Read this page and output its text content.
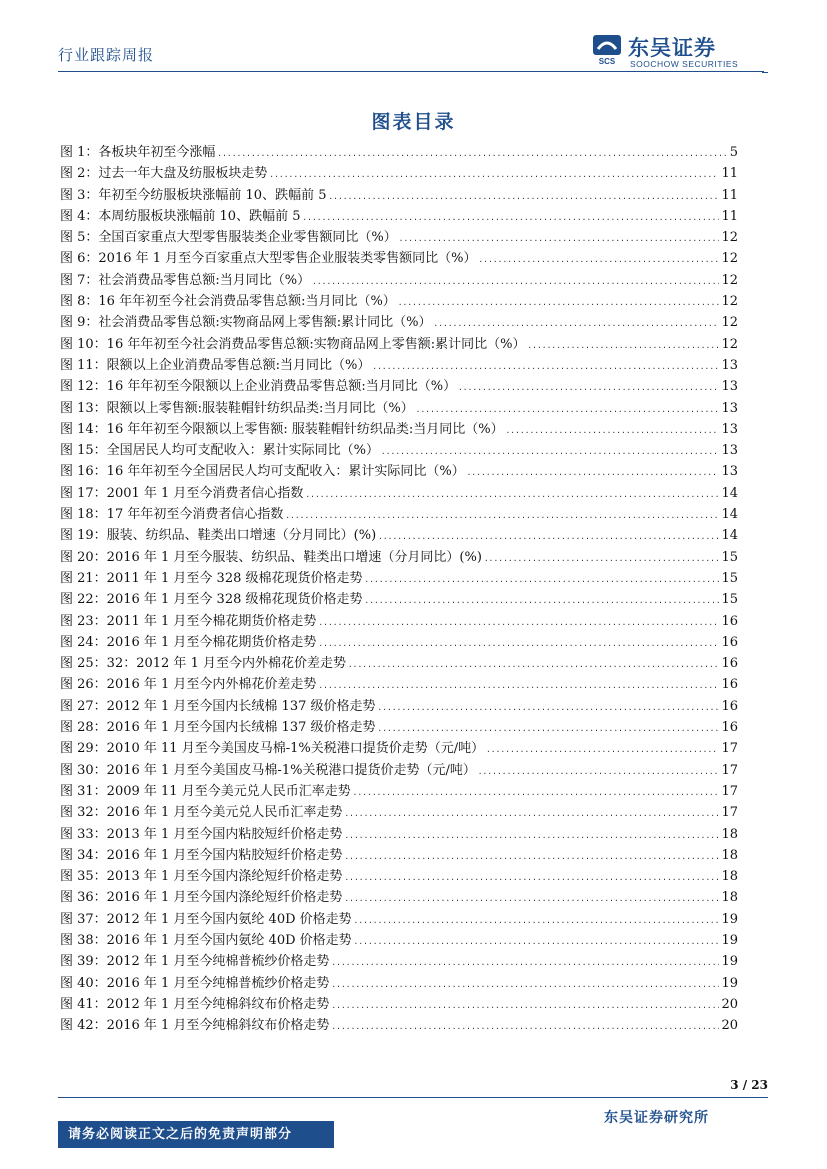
行业跟踪周报	SCS
东吴证券
SOOCHOW SECURITIES
图表目录
图 1：各板块年初至今涨幅 .....	5
图 2：过去一年大盘及纺服板块走势 .....	11
图 3：年初至今纺服板块涨幅前 10、跌幅前 5 .....	11
图 4：本周纺服板块涨幅前 10、跌幅前 5 .....	11
图 5：全国百家重点大型零售服装类企业零售额同比（%） .....	12
图 6：2016 年 1 月至今百家重点大型零售企业服装类零售额同比（%） .....	12
图 7：社会消费品零售总额:当月同比（%） .....	12
图 8：16 年年初至今社会消费品零售总额:当月同比（%） .....	12
图 9：社会消费品零售总额:实物商品网上零售额:累计同比（%） .....	12
图 10：16 年年初至今社会消费品零售总额:实物商品网上零售额:累计同比（%） .....	12
图 11：限额以上企业消费品零售总额:当月同比（%） .....	13
图 12：16 年年初至今限额以上企业消费品零售总额:当月同比（%） .....	13
图 13：限额以上零售额:服装鞋帽针纺织品类:当月同比（%） .....	13
图 14：16 年年初至今限额以上零售额: 服装鞋帽针纺织品类:当月同比（%） .....	13
图 15：全国居民人均可支配收入：累计实际同比（%） .....	13
图 16：16 年年初至今全国居民人均可支配收入：累计实际同比（%） .....	13
图 17：2001 年 1 月至今消费者信心指数 .....	14
图 18：17 年年初至今消费者信心指数 .....	14
图 19：服装、纺织品、鞋类出口增速（分月同比）(%) .....	14
图 20：2016 年 1 月至今服装、纺织品、鞋类出口增速（分月同比）(%) .....	15
图 21：2011 年 1 月至今 328 级棉花现货价格走势 .....	15
图 22：2016 年 1 月至今 328 级棉花现货价格走势 .....	15
图 23：2011 年 1 月至今棉花期货价格走势 .....	16
图 24：2016 年 1 月至今棉花期货价格走势 .....	16
图 25：32：2012 年 1 月至今内外棉花价差走势 .....	16
图 26：2016 年 1 月至今内外棉花价差走势 .....	16
图 27：2012 年 1 月至今国内长绒棉 137 级价格走势 .....	16
图 28：2016 年 1 月至今国内长绒棉 137 级价格走势 .....	16
图 29：2010 年 11 月至今美国皮马棉-1%关税港口提货价走势（元/吨） .....	17
图 30：2016 年 1 月至今美国皮马棉-1%关税港口提货价走势（元/吨） .....	17
图 31：2009 年 11 月至今美元兑人民币汇率走势 .....	17
图 32：2016 年 1 月至今美元兑人民币汇率走势 .....	17
图 33：2013 年 1 月至今国内粘胶短纤价格走势 .....	18
图 34：2016 年 1 月至今国内粘胶短纤价格走势 .....	18
图 35：2013 年 1 月至今国内涤纶短纤价格走势 .....	18
图 36：2016 年 1 月至今国内涤纶短纤价格走势 .....	18
图 37：2012 年 1 月至今国内氨纶 40D 价格走势 .....	19
图 38：2016 年 1 月至今国内氨纶 40D 价格走势 .....	19
图 39：2012 年 1 月至今纯棉普梳纱价格走势 .....	19
图 40：2016 年 1 月至今纯棉普梳纱价格走势 .....	19
图 41：2012 年 1 月至今纯棉斜纹布价格走势 .....	20
图 42：2016 年 1 月至今纯棉斜纹布价格走势 .....	20
3 / 23
东吴证券研究所
请务必阅读正文之后的免责声明部分
